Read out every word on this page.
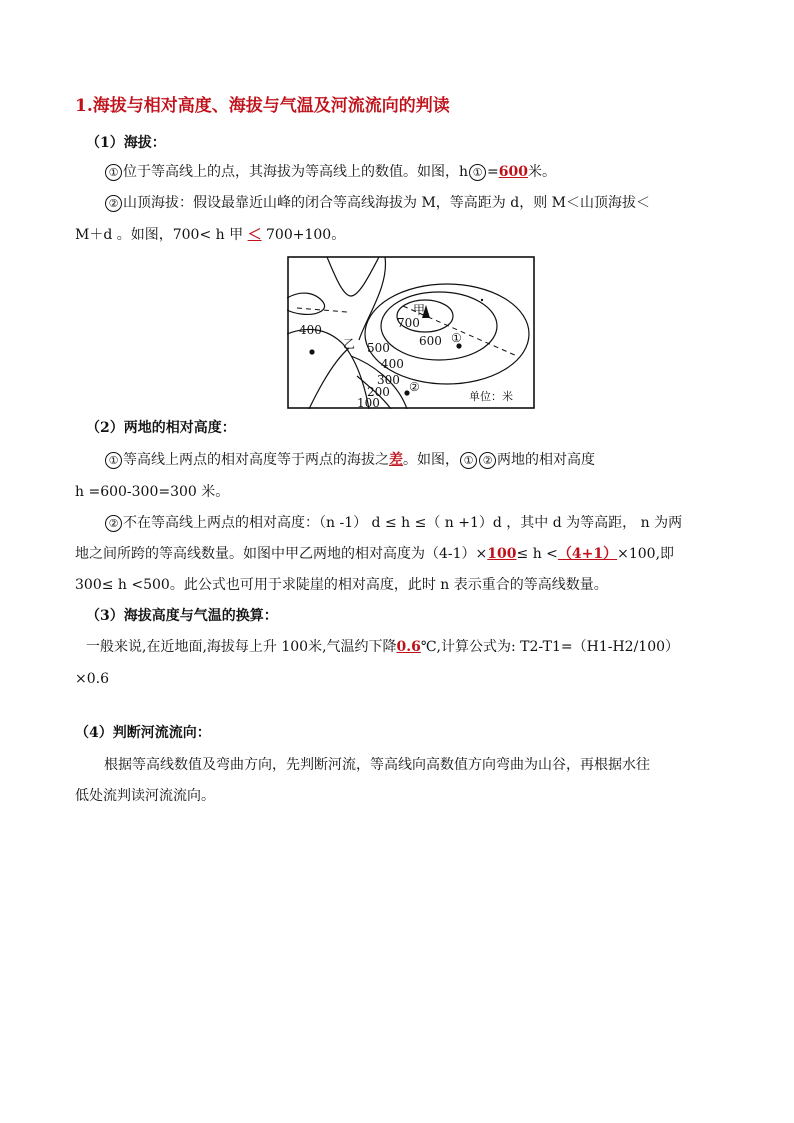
1.海拔与相对高度、海拔与气温及河流流向的判读
（1）海拔：
① 位于等高线上的点，其海拔为等高线上的数值。如图，h ① =600米。
② 山顶海拔：假设最靠近山峰的闭合等高线海拔为 M，等高距为 d，则 M＜山顶海拔＜
M＋d 。如图，700< h 甲 ＜ 700+100。
400
甲
700
600 ①
乙 500
400
300
200 ②
100	单位：米
（2）两地的相对高度：
① 等高线上两点的相对高度等于两点的海拔之差。如图， ① ② 两地的相对高度
h =600-300=300 米。
② 不在等高线上两点的相对高度：（n -1） d ≤ h ≤（ n +1）d ，其中 d 为等高距， n 为两
地之间所跨的等高线数量。如图中甲乙两地的相对高度为（4-1）×100≤ h <（4+1）×100,即
300≤ h <500。此公式也可用于求陡崖的相对高度，此时 n 表示重合的等高线数量。
（3）海拔高度与气温的换算：
一般来说,在近地面,海拔每上升 100米,气温约下降0.6℃,计算公式为: T2-T1=（H1-H2/100）
×0.6
（4）判断河流流向：
根据等高线数值及弯曲方向，先判断河流，等高线向高数值方向弯曲为山谷，再根据水往
低处流判读河流流向。
